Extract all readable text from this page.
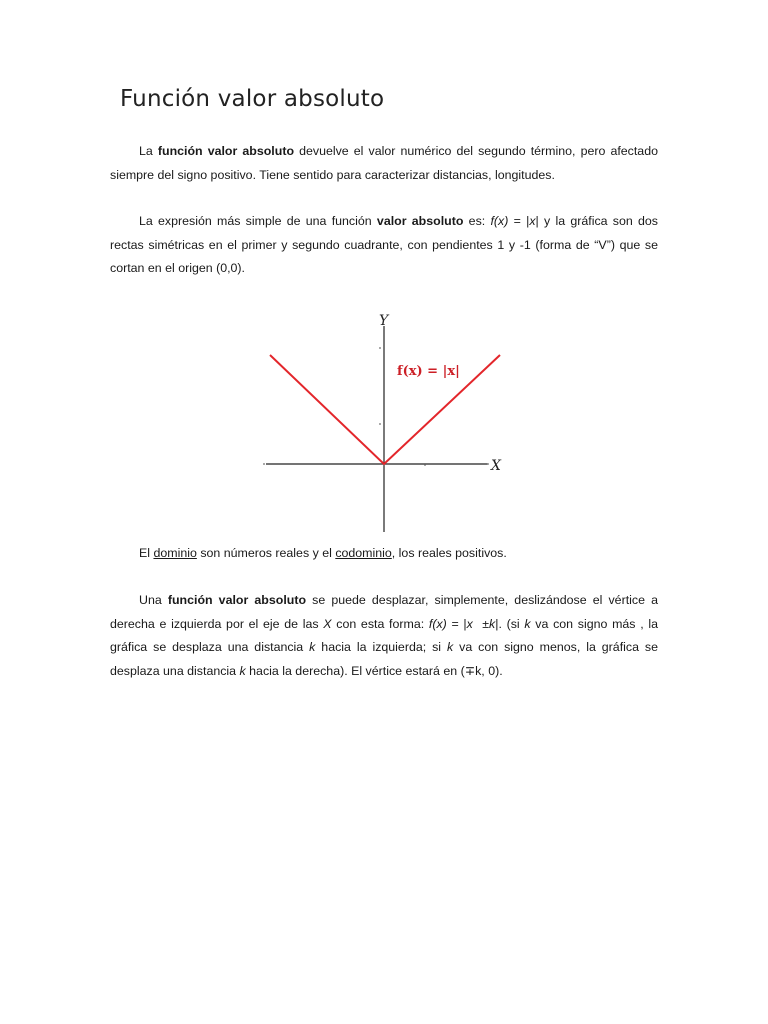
Función valor absoluto

La función valor absoluto devuelve el valor numérico del segundo término, pero afectado siempre del signo positivo. Tiene sentido para caracterizar distancias, longitudes.

La expresión más simple de una función valor absoluto es: f(x) = |x| y la gráfica son dos rectas simétricas en el primer y segundo cuadrante, con pendientes 1 y -1 (forma de “V”) que se cortan en el origen (0,0).

Y
X
f(x) = |x|

El dominio son números reales y el codominio, los reales positivos.

Una función valor absoluto se puede desplazar, simplemente, deslizándose el vértice a derecha e izquierda por el eje de las X con esta forma: f(x) = |x  ±k|. (si k va con signo más , la gráfica se desplaza una distancia k hacia la izquierda; si k va con signo menos, la gráfica se desplaza una distancia k hacia la derecha). El vértice estará en (∓k, 0).
